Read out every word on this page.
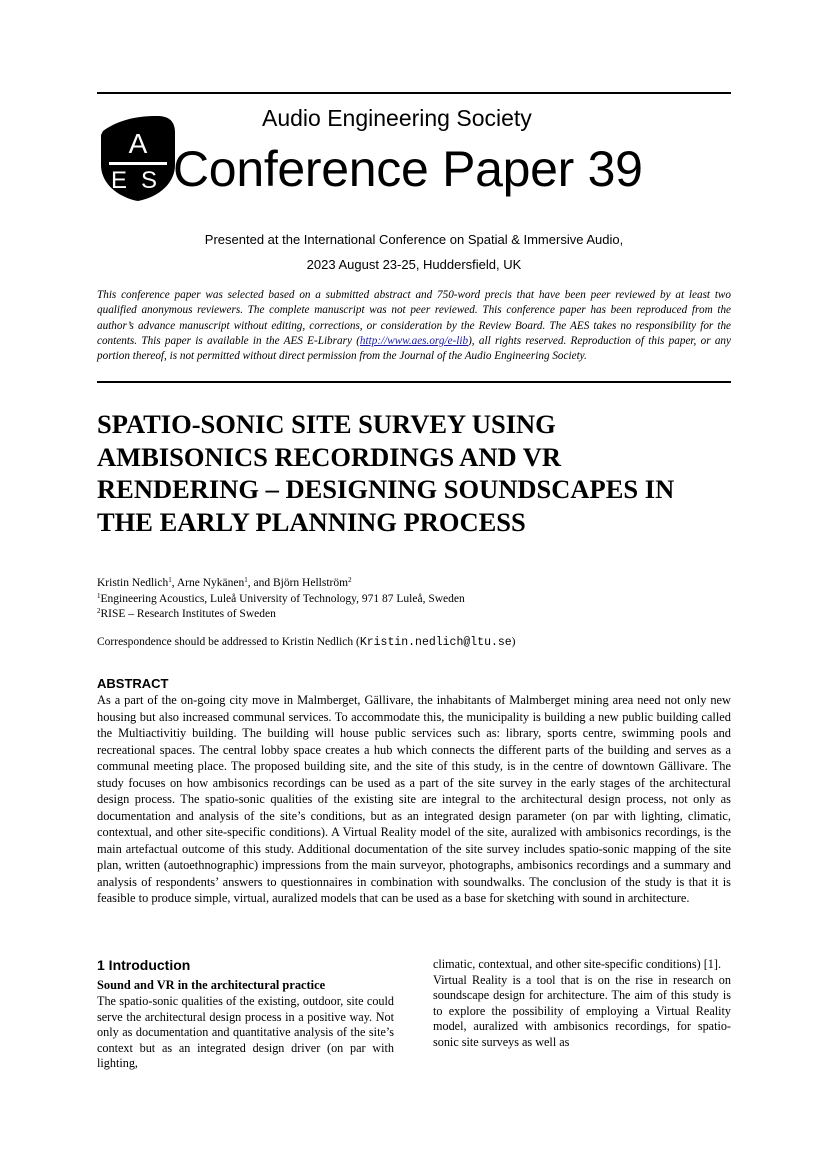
A
E S
Audio Engineering Society
Conference Paper 39
Presented at the International Conference on Spatial & Immersive Audio,
2023 August 23-25, Huddersfield, UK
This conference paper was selected based on a submitted abstract and 750-word precis that have been peer reviewed by at least two qualified anonymous reviewers. The complete manuscript was not peer reviewed. This conference paper has been reproduced from the author’s advance manuscript without editing, corrections, or consideration by the Review Board. The AES takes no responsibility for the contents. This paper is available in the AES E-Library (http://www.aes.org/e-lib), all rights reserved. Reproduction of this paper, or any portion thereof, is not permitted without direct permission from the Journal of the Audio Engineering Society.
SPATIO-SONIC SITE SURVEY USING
AMBISONICS RECORDINGS AND VR
RENDERING – DESIGNING SOUNDSCAPES IN
THE EARLY PLANNING PROCESS
Kristin Nedlich$^1$, Arne Nykänen$^1$, and Björn Hellström$^2$
$^1$Engineering Acoustics, Luleå University of Technology, 971 87 Luleå, Sweden
$^2$RISE – Research Institutes of Sweden
Correspondence should be addressed to Kristin Nedlich (Kristin.nedlich@ltu.se)
ABSTRACT
As a part of the on-going city move in Malmberget, Gällivare, the inhabitants of Malmberget mining area need not only new housing but also increased communal services. To accommodate this, the municipality is building a new public building called the Multiactivitiy building. The building will house public services such as: library, sports centre, swimming pools and recreational spaces. The central lobby space creates a hub which connects the different parts of the building and serves as a communal meeting place. The proposed building site, and the site of this study, is in the centre of downtown Gällivare. The study focuses on how ambisonics recordings can be used as a part of the site survey in the early stages of the architectural design process. The spatio-sonic qualities of the existing site are integral to the architectural design process, not only as documentation and analysis of the site’s conditions, but as an integrated design parameter (on par with lighting, climatic, contextual, and other site-specific conditions). A Virtual Reality model of the site, auralized with ambisonics recordings, is the main artefactual outcome of this study. Additional documentation of the site survey includes spatio-sonic mapping of the site plan, written (autoethnographic) impressions from the main surveyor, photographs, ambisonics recordings and a summary and analysis of respondents’ answers to questionnaires in combination with soundwalks. The conclusion of the study is that it is feasible to produce simple, virtual, auralized models that can be used as a base for sketching with sound in architecture.
1 Introduction
Sound and VR in the architectural practice
The spatio-sonic qualities of the existing, outdoor, site could serve the architectural design process in a positive way. Not only as documentation and quantitative analysis of the site’s context but as an integrated design driver (on par with lighting,
climatic, contextual, and other site-specific conditions) [1].
Virtual Reality is a tool that is on the rise in research on soundscape design for architecture. The aim of this study is to explore the possibility of employing a Virtual Reality model, auralized with ambisonics recordings, for spatio-sonic site surveys as well as
